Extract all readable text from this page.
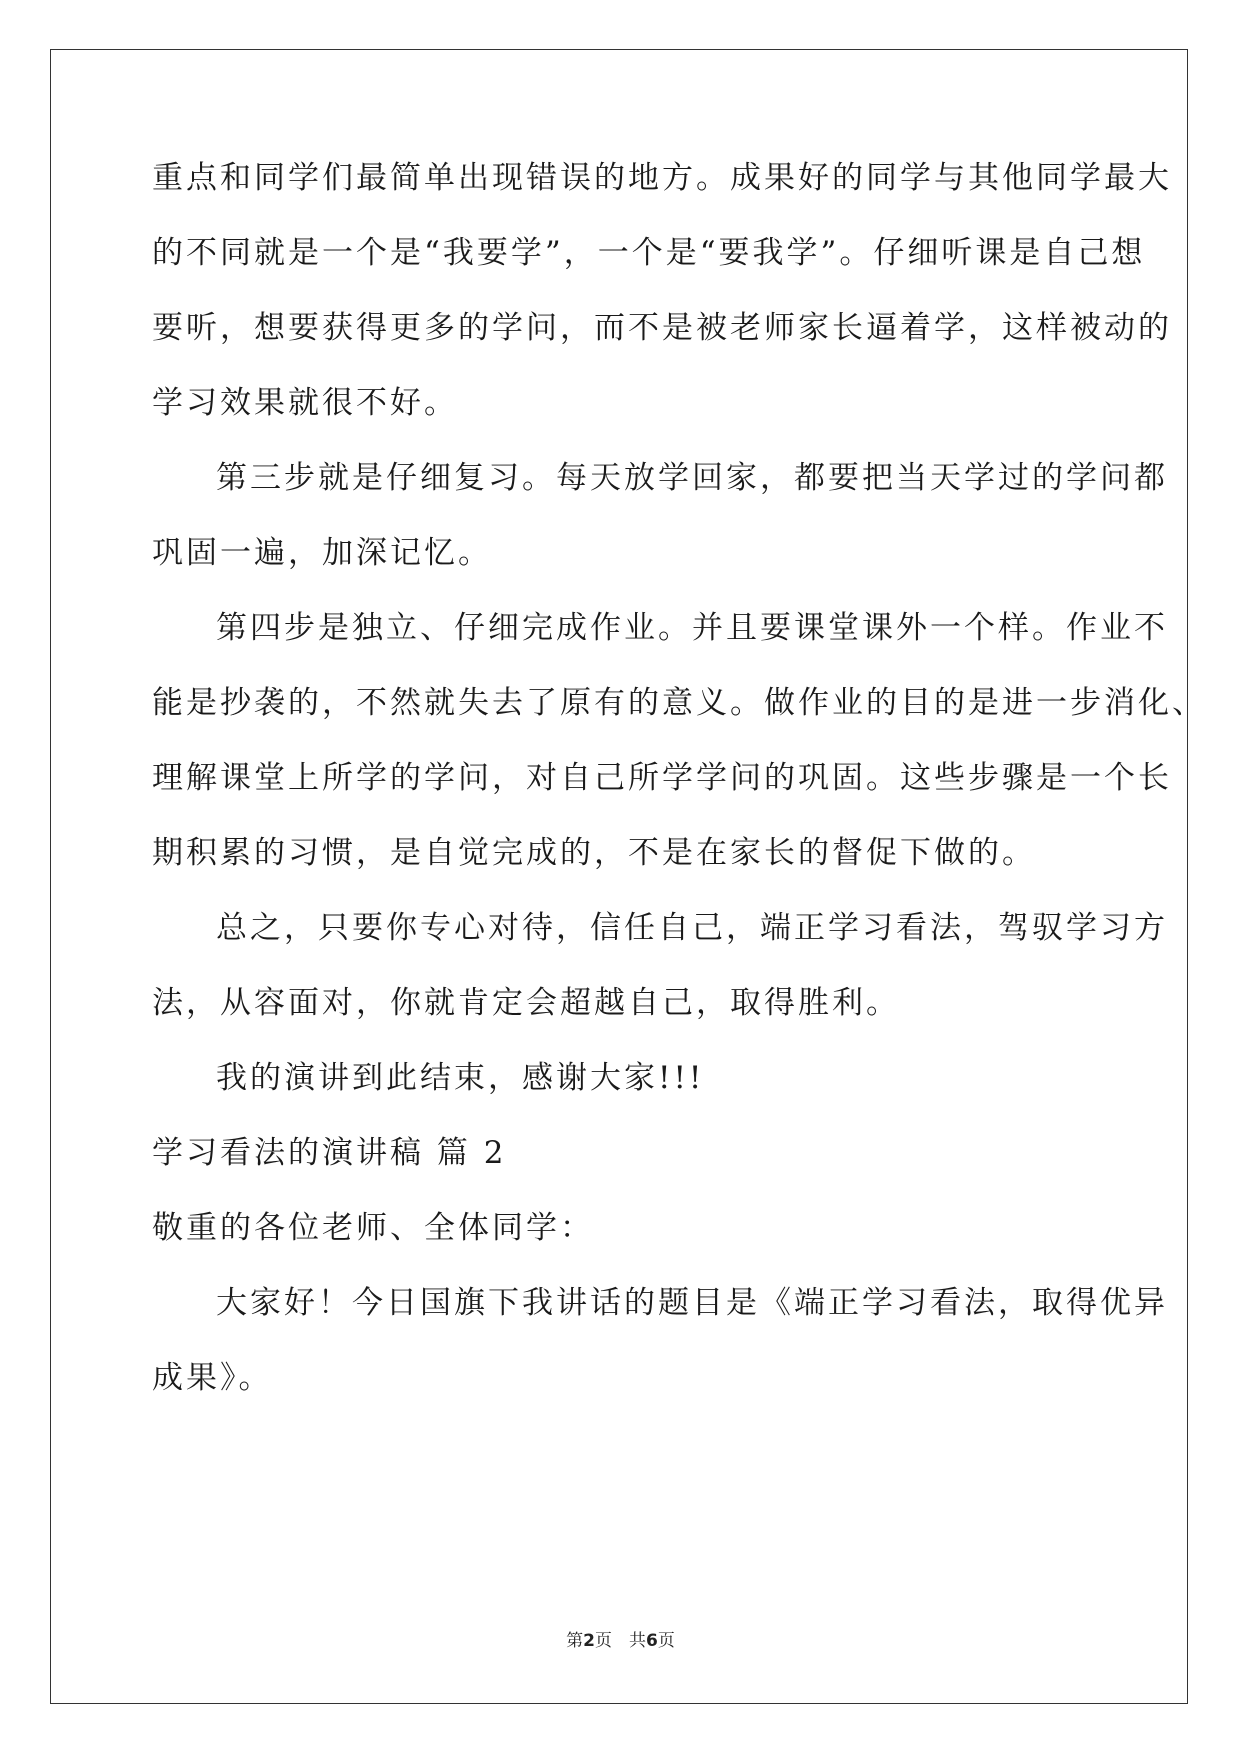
重点和同学们最简单出现错误的地方。成果好的同学与其他同学最大
的不同就是一个是“我要学”，一个是“要我学”。仔细听课是自己想
要听，想要获得更多的学问，而不是被老师家长逼着学，这样被动的
学习效果就很不好。
第三步就是仔细复习。每天放学回家，都要把当天学过的学问都
巩固一遍，加深记忆。
第四步是独立、仔细完成作业。并且要课堂课外一个样。作业不
能是抄袭的，不然就失去了原有的意义。做作业的目的是进一步消化、
理解课堂上所学的学问，对自己所学学问的巩固。这些步骤是一个长
期积累的习惯，是自觉完成的，不是在家长的督促下做的。
总之，只要你专心对待，信任自己，端正学习看法，驾驭学习方
法，从容面对，你就肯定会超越自己，取得胜利。
我的演讲到此结束，感谢大家!!!
学习看法的演讲稿 篇 2
敬重的各位老师、全体同学：
大家好！今日国旗下我讲话的题目是《端正学习看法，取得优异
成果》。
第2页　共6页
